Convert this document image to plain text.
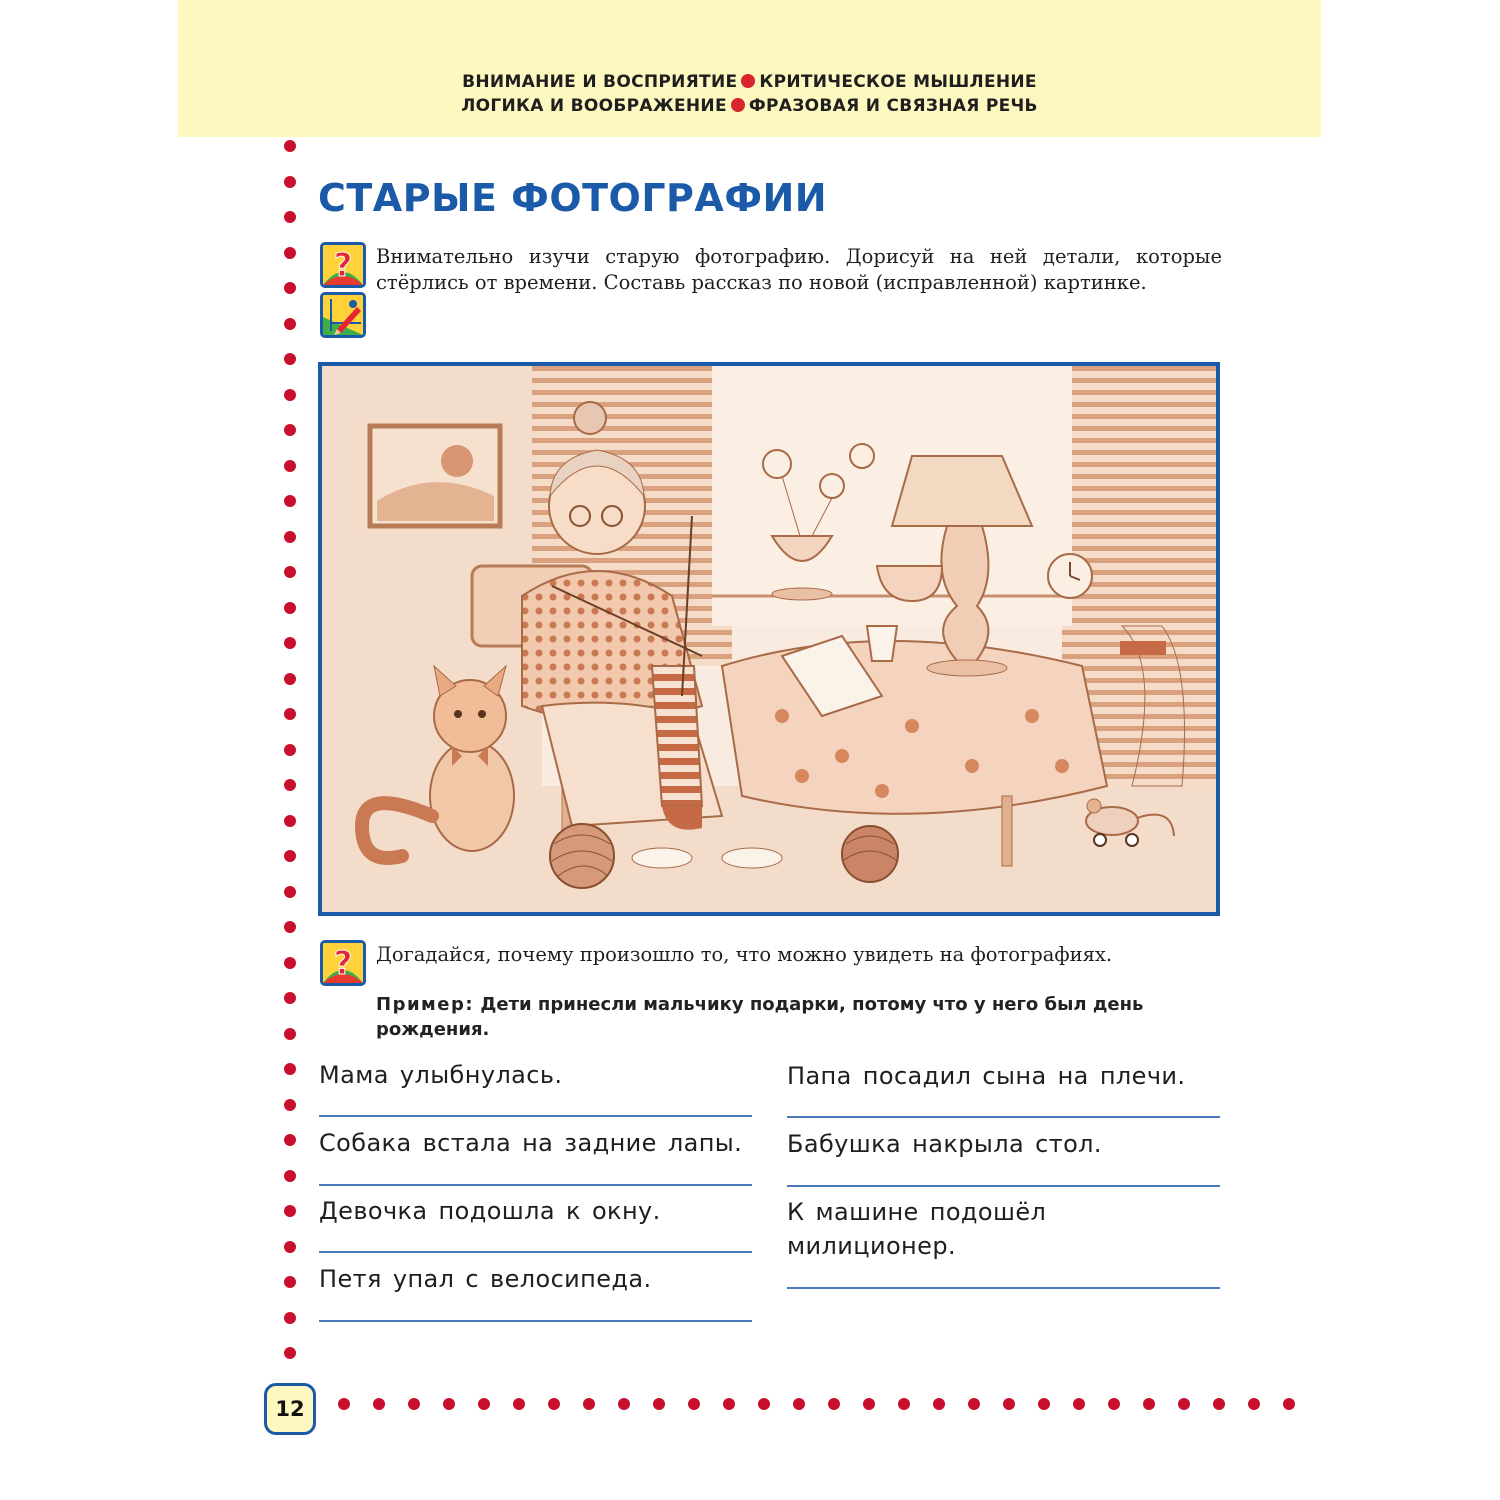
ВНИМАНИЕ И ВОСПРИЯТИЕ КРИТИЧЕСКОЕ МЫШЛЕНИЕ
ЛОГИКА И ВООБРАЖЕНИЕ ФРАЗОВАЯ И СВЯЗНАЯ РЕЧЬ
СТАРЫЕ ФОТОГРАФИИ
? Внимательно изучи старую фотографию. Дорисуй на ней детали, которые стёрлись от времени. Составь рассказ по новой (исправленной) картинке.

? Догадайся, почему произошло то, что можно увидеть на фотографиях.

Пример: Дети принесли мальчику подарки, потому что у него был день рождения.

Мама улыбнулась.

Собака встала на задние лапы.

Девочка подошла к окну.

Петя упал с велосипеда.

Папа посадил сына на плечи.

Бабушка накрыла стол.

К машине подошёл милиционер.

12
